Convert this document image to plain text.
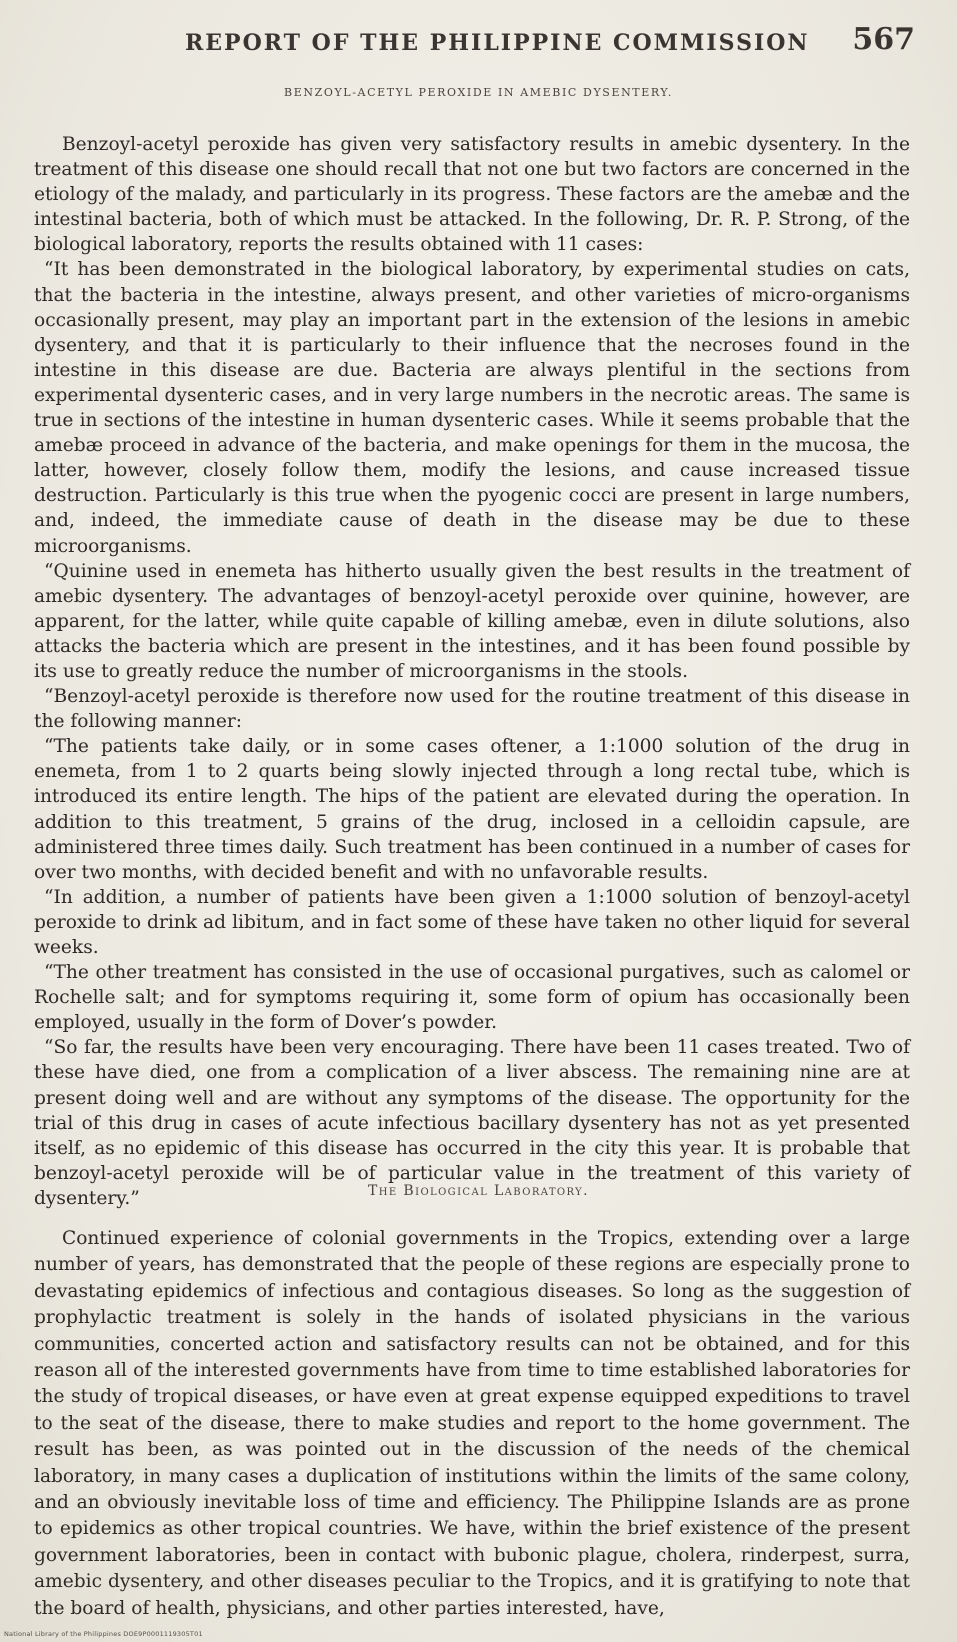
REPORT OF THE PHILIPPINE COMMISSION 567
BENZOYL-ACETYL PEROXIDE IN AMEBIC DYSENTERY.

Benzoyl-acetyl peroxide has given very satisfactory results in amebic dysentery. In the treatment of this disease one should recall that not one but two factors are concerned in the etiology of the malady, and particularly in its progress. These factors are the amebæ and the intestinal bacteria, both of which must be attacked. In the following, Dr. R. P. Strong, of the biological laboratory, reports the results obtained with 11 cases:

“It has been demonstrated in the biological laboratory, by experimental studies on cats, that the bacteria in the intestine, always present, and other varieties of micro-organisms occasionally present, may play an important part in the extension of the lesions in amebic dysentery, and that it is particularly to their influence that the necroses found in the intestine in this disease are due. Bacteria are always plentiful in the sections from experimental dysenteric cases, and in very large numbers in the necrotic areas. The same is true in sections of the intestine in human dysenteric cases. While it seems probable that the amebæ proceed in advance of the bacteria, and make openings for them in the mucosa, the latter, however, closely follow them, modify the lesions, and cause increased tissue destruction. Particularly is this true when the pyogenic cocci are present in large numbers, and, indeed, the immediate cause of death in the disease may be due to these microorganisms.

“Quinine used in enemeta has hitherto usually given the best results in the treatment of amebic dysentery. The advantages of benzoyl-acetyl peroxide over quinine, however, are apparent, for the latter, while quite capable of killing amebæ, even in dilute solutions, also attacks the bacteria which are present in the intestines, and it has been found possible by its use to greatly reduce the number of microorganisms in the stools.

“Benzoyl-acetyl peroxide is therefore now used for the routine treatment of this disease in the following manner:

“The patients take daily, or in some cases oftener, a 1:1000 solution of the drug in enemeta, from 1 to 2 quarts being slowly injected through a long rectal tube, which is introduced its entire length. The hips of the patient are elevated during the operation. In addition to this treatment, 5 grains of the drug, inclosed in a celloidin capsule, are administered three times daily. Such treatment has been continued in a number of cases for over two months, with decided benefit and with no unfavorable results.

“In addition, a number of patients have been given a 1:1000 solution of benzoyl-acetyl peroxide to drink ad libitum, and in fact some of these have taken no other liquid for several weeks.

“The other treatment has consisted in the use of occasional purgatives, such as calomel or Rochelle salt; and for symptoms requiring it, some form of opium has occasionally been employed, usually in the form of Dover’s powder.

“So far, the results have been very encouraging. There have been 11 cases treated. Two of these have died, one from a complication of a liver abscess. The remaining nine are at present doing well and are without any symptoms of the disease. The opportunity for the trial of this drug in cases of acute infectious bacillary dysentery has not as yet presented itself, as no epidemic of this disease has occurred in the city this year. It is probable that benzoyl-acetyl peroxide will be of particular value in the treatment of this variety of dysentery.”	The Biological Laboratory.

Continued experience of colonial governments in the Tropics, extending over a large number of years, has demonstrated that the people of these regions are especially prone to devastating epidemics of infectious and contagious diseases. So long as the suggestion of prophylactic treatment is solely in the hands of isolated physicians in the various communities, concerted action and satisfactory results can not be obtained, and for this reason all of the interested governments have from time to time established laboratories for the study of tropical diseases, or have even at great expense equipped expeditions to travel to the seat of the disease, there to make studies and report to the home government. The result has been, as was pointed out in the discussion of the needs of the chemical laboratory, in many cases a duplication of institutions within the limits of the same colony, and an obviously inevitable loss of time and efficiency. The Philippine Islands are as prone to epidemics as other tropical countries. We have, within the brief existence of the present government laboratories, been in contact with bubonic plague, cholera, rinderpest, surra, amebic dysentery, and other diseases peculiar to the Tropics, and it is gratifying to note that the board of health, physicians, and other parties interested, have,

National Library of the Philippines DOE9P0001119305T01
